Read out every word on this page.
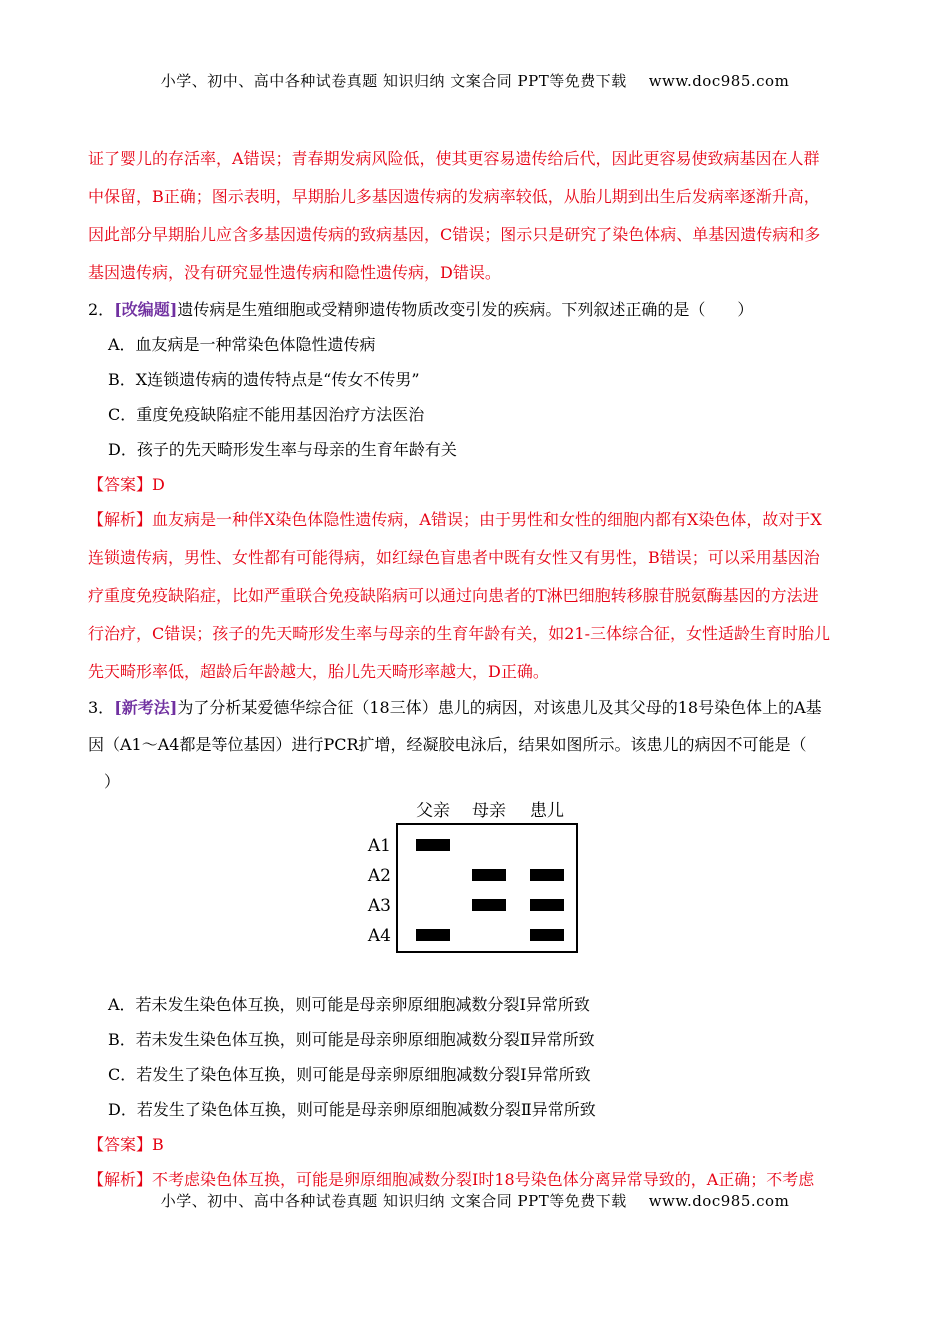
小学、初中、高中各种试卷真题 知识归纳 文案合同 PPT等免费下载 www.doc985.com
证了婴儿的存活率，A错误；青春期发病风险低，使其更容易遗传给后代，因此更容易使致病基因在人群
中保留，B正确；图示表明，早期胎儿多基因遗传病的发病率较低，从胎儿期到出生后发病率逐渐升高，
因此部分早期胎儿应含多基因遗传病的致病基因，C错误；图示只是研究了染色体病、单基因遗传病和多
基因遗传病，没有研究显性遗传病和隐性遗传病，D错误。
2．[改编题]遗传病是生殖细胞或受精卵遗传物质改变引发的疾病。下列叙述正确的是（　　）
A．血友病是一种常染色体隐性遗传病
B．X连锁遗传病的遗传特点是“传女不传男”
C．重度免疫缺陷症不能用基因治疗方法医治
D．孩子的先天畸形发生率与母亲的生育年龄有关
【答案】D
【解析】血友病是一种伴X染色体隐性遗传病，A错误；由于男性和女性的细胞内都有X染色体，故对于X
连锁遗传病，男性、女性都有可能得病，如红绿色盲患者中既有女性又有男性，B错误；可以采用基因治
疗重度免疫缺陷症，比如严重联合免疫缺陷病可以通过向患者的T淋巴细胞转移腺苷脱氨酶基因的方法进
行治疗，C错误；孩子的先天畸形发生率与母亲的生育年龄有关，如21-三体综合征，女性适龄生育时胎儿
先天畸形率低，超龄后年龄越大，胎儿先天畸形率越大，D正确。
3．[新考法]为了分析某爱德华综合征（18三体）患儿的病因，对该患儿及其父母的18号染色体上的A基
因（A1～A4都是等位基因）进行PCR扩增，经凝胶电泳后，结果如图所示。该患儿的病因不可能是（
）
父亲 母亲 患儿
A1
A2
A3
A4
A．若未发生染色体互换，则可能是母亲卵原细胞减数分裂Ⅰ异常所致
B．若未发生染色体互换，则可能是母亲卵原细胞减数分裂Ⅱ异常所致
C．若发生了染色体互换，则可能是母亲卵原细胞减数分裂Ⅰ异常所致
D．若发生了染色体互换，则可能是母亲卵原细胞减数分裂Ⅱ异常所致
【答案】B
【解析】不考虑染色体互换，可能是卵原细胞减数分裂Ⅰ时18号染色体分离异常导致的，A正确；不考虑
小学、初中、高中各种试卷真题 知识归纳 文案合同 PPT等免费下载 www.doc985.com
